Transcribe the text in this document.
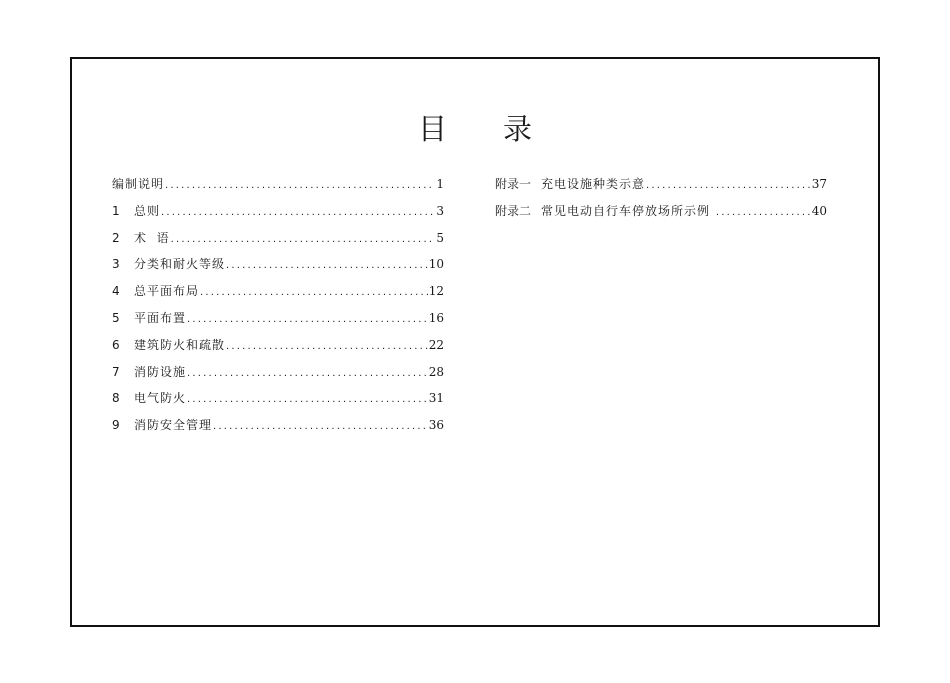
目 录
编制说明 .....	1
1	总则 .....	3
2	术  语 .....	5
3	分类和耐火等级 .....	10
4	总平面布局 .....	12
5	平面布置 .....	16
6	建筑防火和疏散 .....	22
7	消防设施 .....	28
8	电气防火 .....	31
9	消防安全管理 .....	36
附录一 充电设施种类示意 .....	37
附录二 常见电动自行车停放场所示例 .....	40
